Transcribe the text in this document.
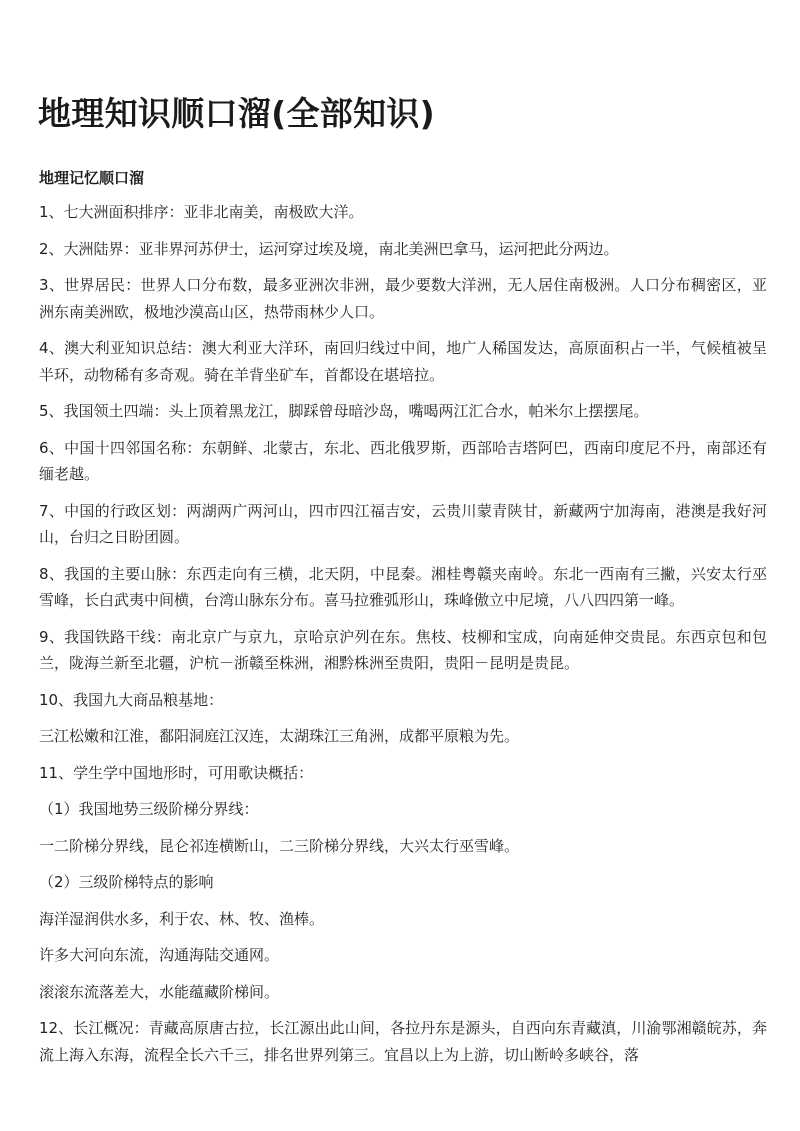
地理知识顺口溜(全部知识)
地理记忆顺口溜

1、七大洲面积排序：亚非北南美，南极欧大洋。

2、大洲陆界：亚非界河苏伊士，运河穿过埃及境，南北美洲巴拿马，运河把此分两边。

3、世界居民：世界人口分布数，最多亚洲次非洲，最少要数大洋洲，无人居住南极洲。人口分布稠密区，亚洲东南美洲欧，极地沙漠高山区，热带雨林少人口。

4、澳大利亚知识总结：澳大利亚大洋环，南回归线过中间，地广人稀国发达，高原面积占一半，气候植被呈半环，动物稀有多奇观。骑在羊背坐矿车，首都设在堪培拉。

5、我国领土四端：头上顶着黑龙江，脚踩曾母暗沙岛，嘴喝两江汇合水，帕米尔上摆摆尾。

6、中国十四邻国名称：东朝鲜、北蒙古，东北、西北俄罗斯，西部哈吉塔阿巴，西南印度尼不丹，南部还有缅老越。

7、中国的行政区划：两湖两广两河山，四市四江福吉安，云贵川蒙青陕甘，新藏两宁加海南，港澳是我好河山，台归之日盼团圆。

8、我国的主要山脉：东西走向有三横，北天阴，中昆秦。湘桂粤赣夹南岭。东北一西南有三撇，兴安太行巫雪峰，长白武夷中间横，台湾山脉东分布。喜马拉雅弧形山，珠峰傲立中尼境，八八四四第一峰。

9、我国铁路干线：南北京广与京九，京哈京沪列在东。焦枝、枝柳和宝成，向南延伸交贵昆。东西京包和包兰，陇海兰新至北疆，沪杭－浙赣至株洲，湘黔株洲至贵阳，贵阳－昆明是贵昆。

10、我国九大商品粮基地：

三江松嫩和江淮，鄱阳洞庭江汉连，太湖珠江三角洲，成都平原粮为先。

11、学生学中国地形时，可用歌诀概括：

（1）我国地势三级阶梯分界线：

一二阶梯分界线，昆仑祁连横断山，二三阶梯分界线，大兴太行巫雪峰。

（2）三级阶梯特点的影响

海洋湿润供水多，利于农、林、牧、渔棒。

许多大河向东流，沟通海陆交通网。

滚滚东流落差大，水能蕴藏阶梯间。

12、长江概况：青藏高原唐古拉，长江源出此山间，各拉丹东是源头，自西向东青藏滇，川渝鄂湘赣皖苏，奔流上海入东海，流程全长六千三，排名世界列第三。宜昌以上为上游，切山断岭多峡谷，落
